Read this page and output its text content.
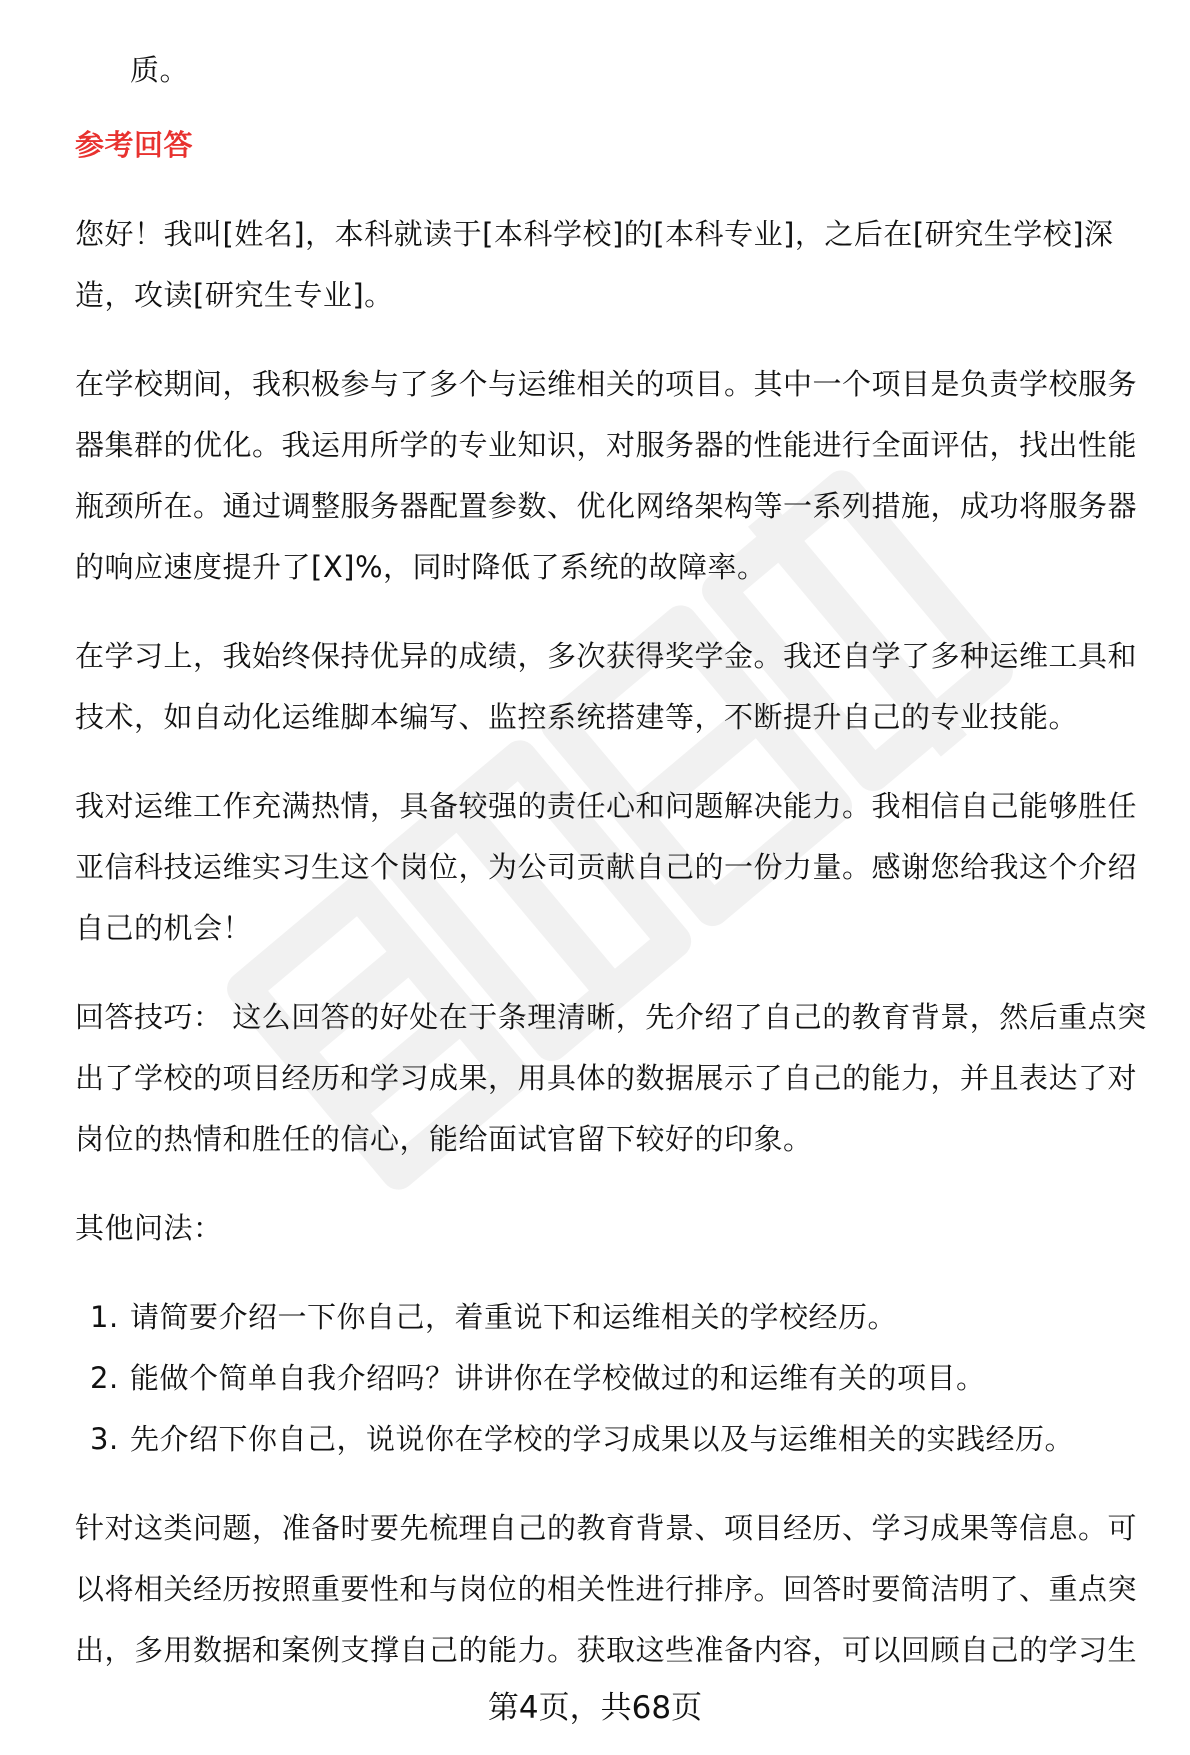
质。

参考回答

您好！我叫[姓名]，本科就读于[本科学校]的[本科专业]，之后在[研究生学校]深造，攻读[研究生专业]。

在学校期间，我积极参与了多个与运维相关的项目。其中一个项目是负责学校服务器集群的优化。我运用所学的专业知识，对服务器的性能进行全面评估，找出性能瓶颈所在。通过调整服务器配置参数、优化网络架构等一系列措施，成功将服务器的响应速度提升了[X]%，同时降低了系统的故障率。

在学习上，我始终保持优异的成绩，多次获得奖学金。我还自学了多种运维工具和技术，如自动化运维脚本编写、监控系统搭建等，不断提升自己的专业技能。

我对运维工作充满热情，具备较强的责任心和问题解决能力。我相信自己能够胜任亚信科技运维实习生这个岗位，为公司贡献自己的一份力量。感谢您给我这个介绍自己的机会！

回答技巧： 这么回答的好处在于条理清晰，先介绍了自己的教育背景，然后重点突出了学校的项目经历和学习成果，用具体的数据展示了自己的能力，并且表达了对岗位的热情和胜任的信心，能给面试官留下较好的印象。

其他问法：

1. 请简要介绍一下你自己，着重说下和运维相关的学校经历。
2. 能做个简单自我介绍吗？讲讲你在学校做过的和运维有关的项目。
3. 先介绍下你自己，说说你在学校的学习成果以及与运维相关的实践经历。

针对这类问题，准备时要先梳理自己的教育背景、项目经历、学习成果等信息。可以将相关经历按照重要性和与岗位的相关性进行排序。回答时要简洁明了、重点突出，多用数据和案例支撑自己的能力。获取这些准备内容，可以回顾自己的学习生

第4页，共68页
